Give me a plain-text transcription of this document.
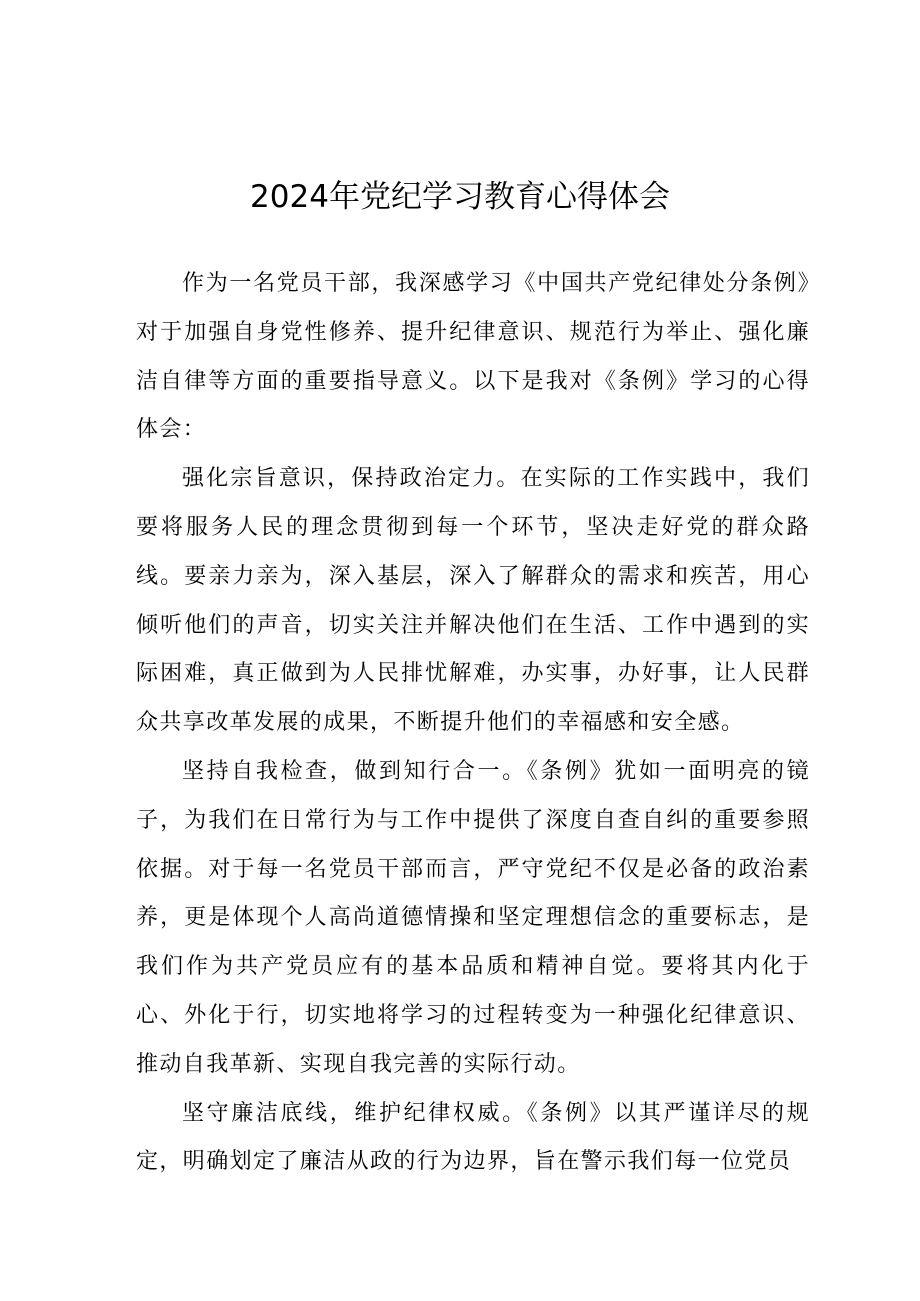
2024年党纪学习教育心得体会

作为一名党员干部，我深感学习《中国共产党纪律处分条例》对于加强自身党性修养、提升纪律意识、规范行为举止、强化廉洁自律等方面的重要指导意义。以下是我对《条例》学习的心得体会：

强化宗旨意识，保持政治定力。在实际的工作实践中，我们要将服务人民的理念贯彻到每一个环节，坚决走好党的群众路线。要亲力亲为，深入基层，深入了解群众的需求和疾苦，用心倾听他们的声音，切实关注并解决他们在生活、工作中遇到的实际困难，真正做到为人民排忧解难，办实事，办好事，让人民群众共享改革发展的成果，不断提升他们的幸福感和安全感。

坚持自我检查，做到知行合一。《条例》犹如一面明亮的镜子，为我们在日常行为与工作中提供了深度自查自纠的重要参照依据。对于每一名党员干部而言，严守党纪不仅是必备的政治素养，更是体现个人高尚道德情操和坚定理想信念的重要标志，是我们作为共产党员应有的基本品质和精神自觉。要将其内化于心、外化于行，切实地将学习的过程转变为一种强化纪律意识、推动自我革新、实现自我完善的实际行动。

坚守廉洁底线，维护纪律权威。《条例》以其严谨详尽的规定，明确划定了廉洁从政的行为边界，旨在警示我们每一位党员
